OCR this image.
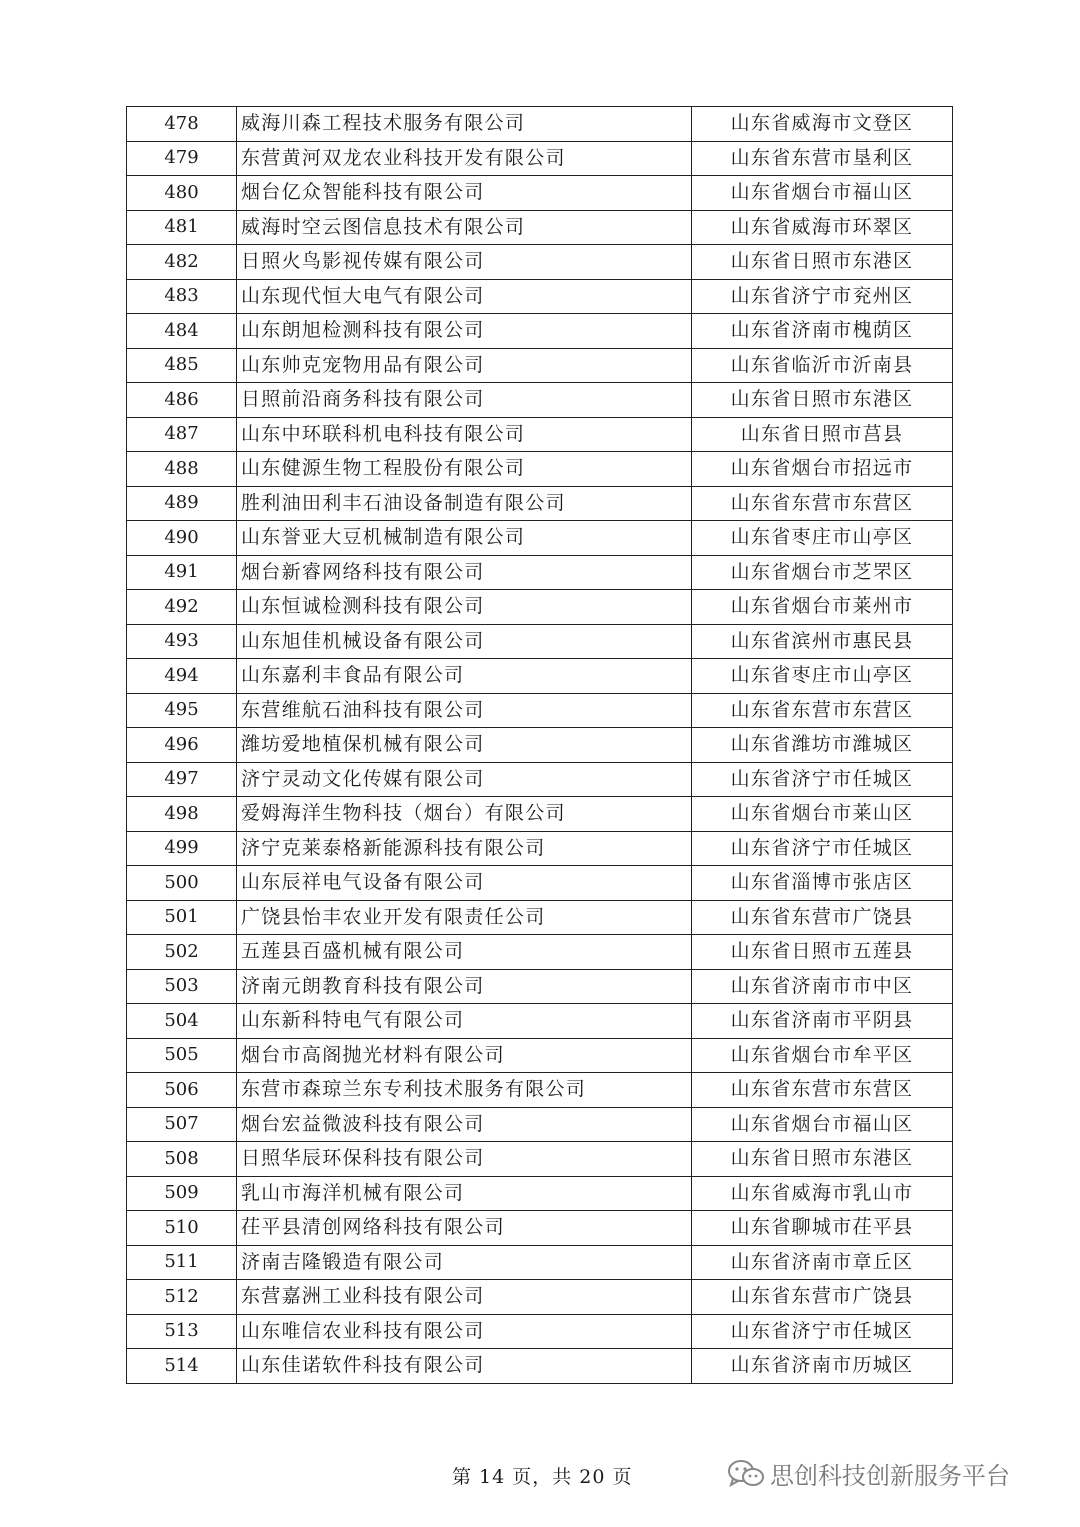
478	威海川森工程技术服务有限公司	山东省威海市文登区
479	东营黄河双龙农业科技开发有限公司	山东省东营市垦利区
480	烟台亿众智能科技有限公司	山东省烟台市福山区
481	威海时空云图信息技术有限公司	山东省威海市环翠区
482	日照火鸟影视传媒有限公司	山东省日照市东港区
483	山东现代恒大电气有限公司	山东省济宁市兖州区
484	山东朗旭检测科技有限公司	山东省济南市槐荫区
485	山东帅克宠物用品有限公司	山东省临沂市沂南县
486	日照前沿商务科技有限公司	山东省日照市东港区
487	山东中环联科机电科技有限公司	山东省日照市莒县
488	山东健源生物工程股份有限公司	山东省烟台市招远市
489	胜利油田利丰石油设备制造有限公司	山东省东营市东营区
490	山东誉亚大豆机械制造有限公司	山东省枣庄市山亭区
491	烟台新睿网络科技有限公司	山东省烟台市芝罘区
492	山东恒诚检测科技有限公司	山东省烟台市莱州市
493	山东旭佳机械设备有限公司	山东省滨州市惠民县
494	山东嘉利丰食品有限公司	山东省枣庄市山亭区
495	东营维航石油科技有限公司	山东省东营市东营区
496	潍坊爱地植保机械有限公司	山东省潍坊市潍城区
497	济宁灵动文化传媒有限公司	山东省济宁市任城区
498	爱姆海洋生物科技（烟台）有限公司	山东省烟台市莱山区
499	济宁克莱泰格新能源科技有限公司	山东省济宁市任城区
500	山东辰祥电气设备有限公司	山东省淄博市张店区
501	广饶县怡丰农业开发有限责任公司	山东省东营市广饶县
502	五莲县百盛机械有限公司	山东省日照市五莲县
503	济南元朗教育科技有限公司	山东省济南市市中区
504	山东新科特电气有限公司	山东省济南市平阴县
505	烟台市高阁抛光材料有限公司	山东省烟台市牟平区
506	东营市森琼兰东专利技术服务有限公司	山东省东营市东营区
507	烟台宏益微波科技有限公司	山东省烟台市福山区
508	日照华辰环保科技有限公司	山东省日照市东港区
509	乳山市海洋机械有限公司	山东省威海市乳山市
510	茌平县清创网络科技有限公司	山东省聊城市茌平县
511	济南吉隆锻造有限公司	山东省济南市章丘区
512	东营嘉洲工业科技有限公司	山东省东营市广饶县
513	山东唯信农业科技有限公司	山东省济宁市任城区
514	山东佳诺软件科技有限公司	山东省济南市历城区
第 14 页，共 20 页	思创科技创新服务平台
